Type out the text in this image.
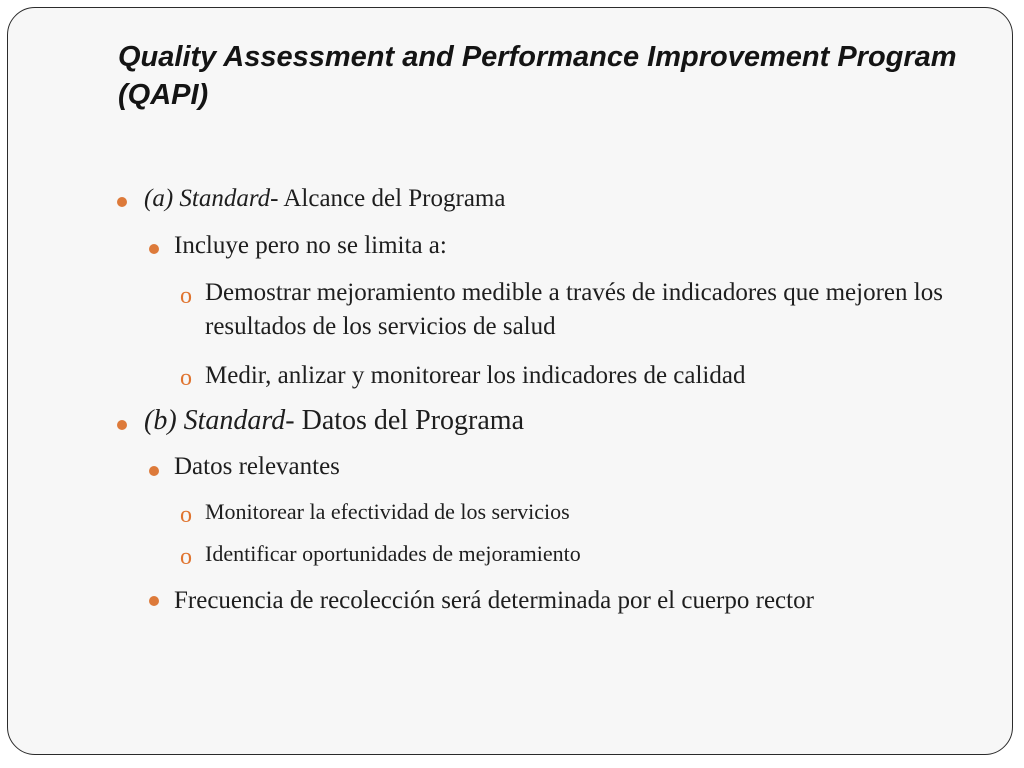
Quality Assessment and Performance Improvement Program (QAPI)

(a) Standard- Alcance del Programa

Incluye pero no se limita a:

o Demostrar mejoramiento medible a través de indicadores que mejoren los resultados de los servicios de salud

o Medir, anlizar y monitorear los indicadores de calidad

(b) Standard- Datos del Programa

Datos relevantes

o Monitorear la efectividad de los servicios

o Identificar oportunidades de mejoramiento

Frecuencia de recolección será determinada por el cuerpo rector
